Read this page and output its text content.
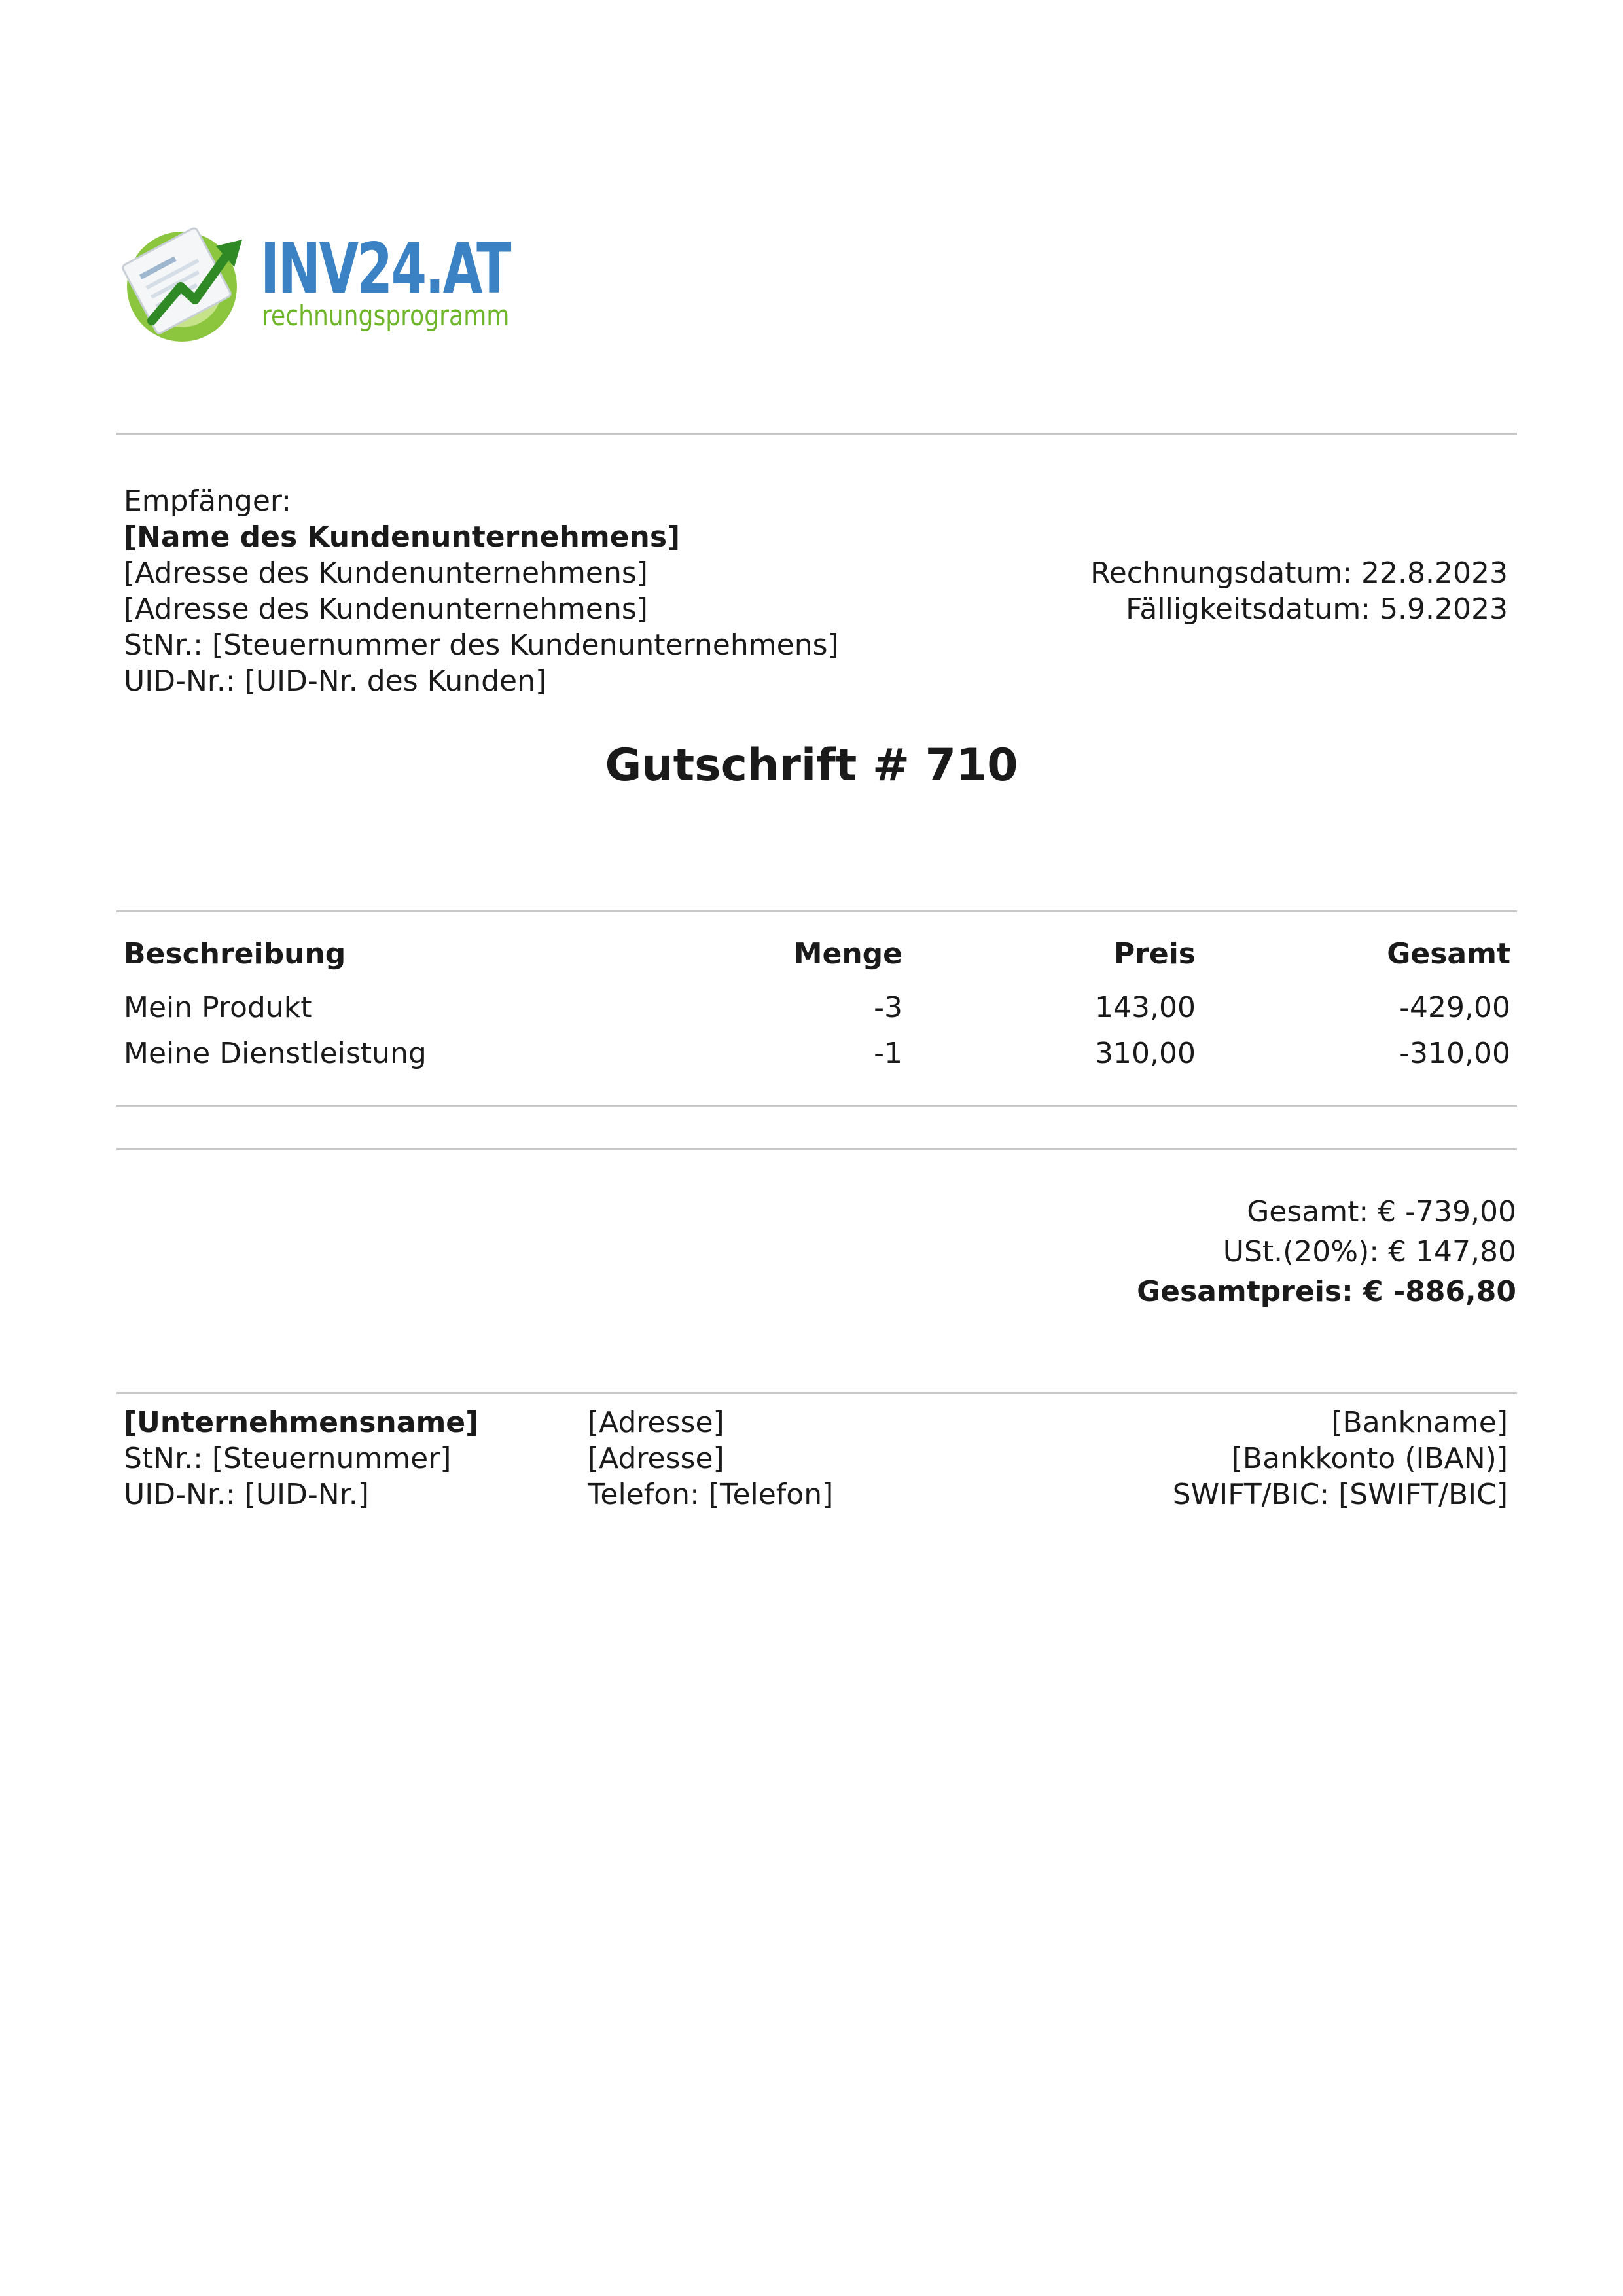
INV24.AT
rechnungsprogramm
Empfänger:
[Name des Kundenunternehmens]
[Adresse des Kundenunternehmens]
[Adresse des Kundenunternehmens]
StNr.: [Steuernummer des Kundenunternehmens]
UID-Nr.: [UID-Nr. des Kunden]
Rechnungsdatum: 22.8.2023
Fälligkeitsdatum: 5.9.2023
Gutschrift # 710
Beschreibung	Menge	Preis	Gesamt
Mein Produkt	-3	143,00	-429,00
Meine Dienstleistung	-1	310,00	-310,00
Gesamt: € -739,00
USt.(20%): € 147,80
Gesamtpreis: € -886,80
[Unternehmensname]
StNr.: [Steuernummer]
UID-Nr.: [UID-Nr.]
[Adresse]
[Adresse]
Telefon: [Telefon]
[Bankname]
[Bankkonto (IBAN)]
SWIFT/BIC: [SWIFT/BIC]
